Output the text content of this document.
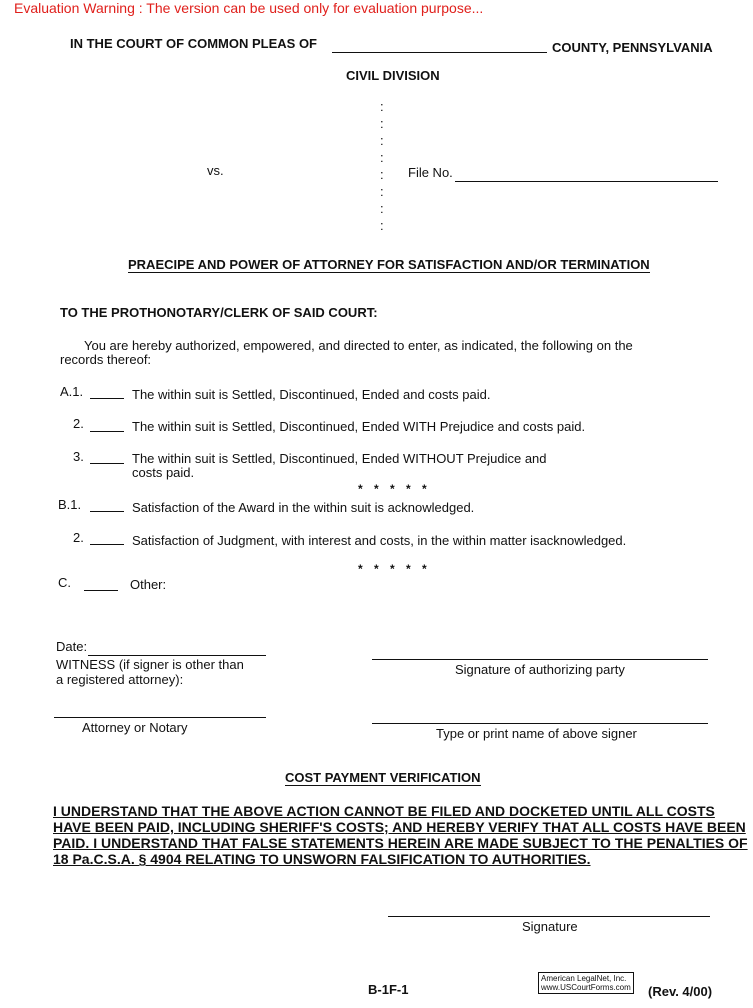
Evaluation Warning : The version can be used only for evaluation purpose...
IN THE COURT OF COMMON PLEAS OF	COUNTY, PENNSYLVANIA
CIVIL DIVISION
:
:
:
:
:
:
:
:
vs.	File No.
PRAECIPE AND POWER OF ATTORNEY FOR SATISFACTION AND/OR TERMINATION
TO THE PROTHONOTARY/CLERK OF SAID COURT:
You are hereby authorized, empowered, and directed to enter, as indicated, the following on the
records thereof:
A.1.	The within suit is Settled, Discontinued, Ended and costs paid.
2.	The within suit is Settled, Discontinued, Ended WITH Prejudice and costs paid.
3.	The within suit is Settled, Discontinued, Ended WITHOUT Prejudice and
costs paid.
* * * * *
B.1.	Satisfaction of the Award in the within suit is acknowledged.
2.	Satisfaction of Judgment, with interest and costs, in the within matter isacknowledged.
* * * * *
C.	Other:
Date:
WITNESS (if signer is other than
a registered attorney):
Signature of authorizing party
Attorney or Notary	Type or print name of above signer
COST PAYMENT VERIFICATION
I UNDERSTAND THAT THE ABOVE ACTION CANNOT BE FILED AND DOCKETED UNTIL ALL COSTS
HAVE BEEN PAID, INCLUDING SHERIFF'S COSTS; AND HEREBY VERIFY THAT ALL COSTS HAVE BEEN
PAID. I UNDERSTAND THAT FALSE STATEMENTS HEREIN ARE MADE SUBJECT TO THE PENALTIES OF
18 Pa.C.S.A. § 4904 RELATING TO UNSWORN FALSIFICATION TO AUTHORITIES.
Signature
B-1F-1
American LegalNet, Inc.
www.USCourtForms.com (Rev. 4/00)
